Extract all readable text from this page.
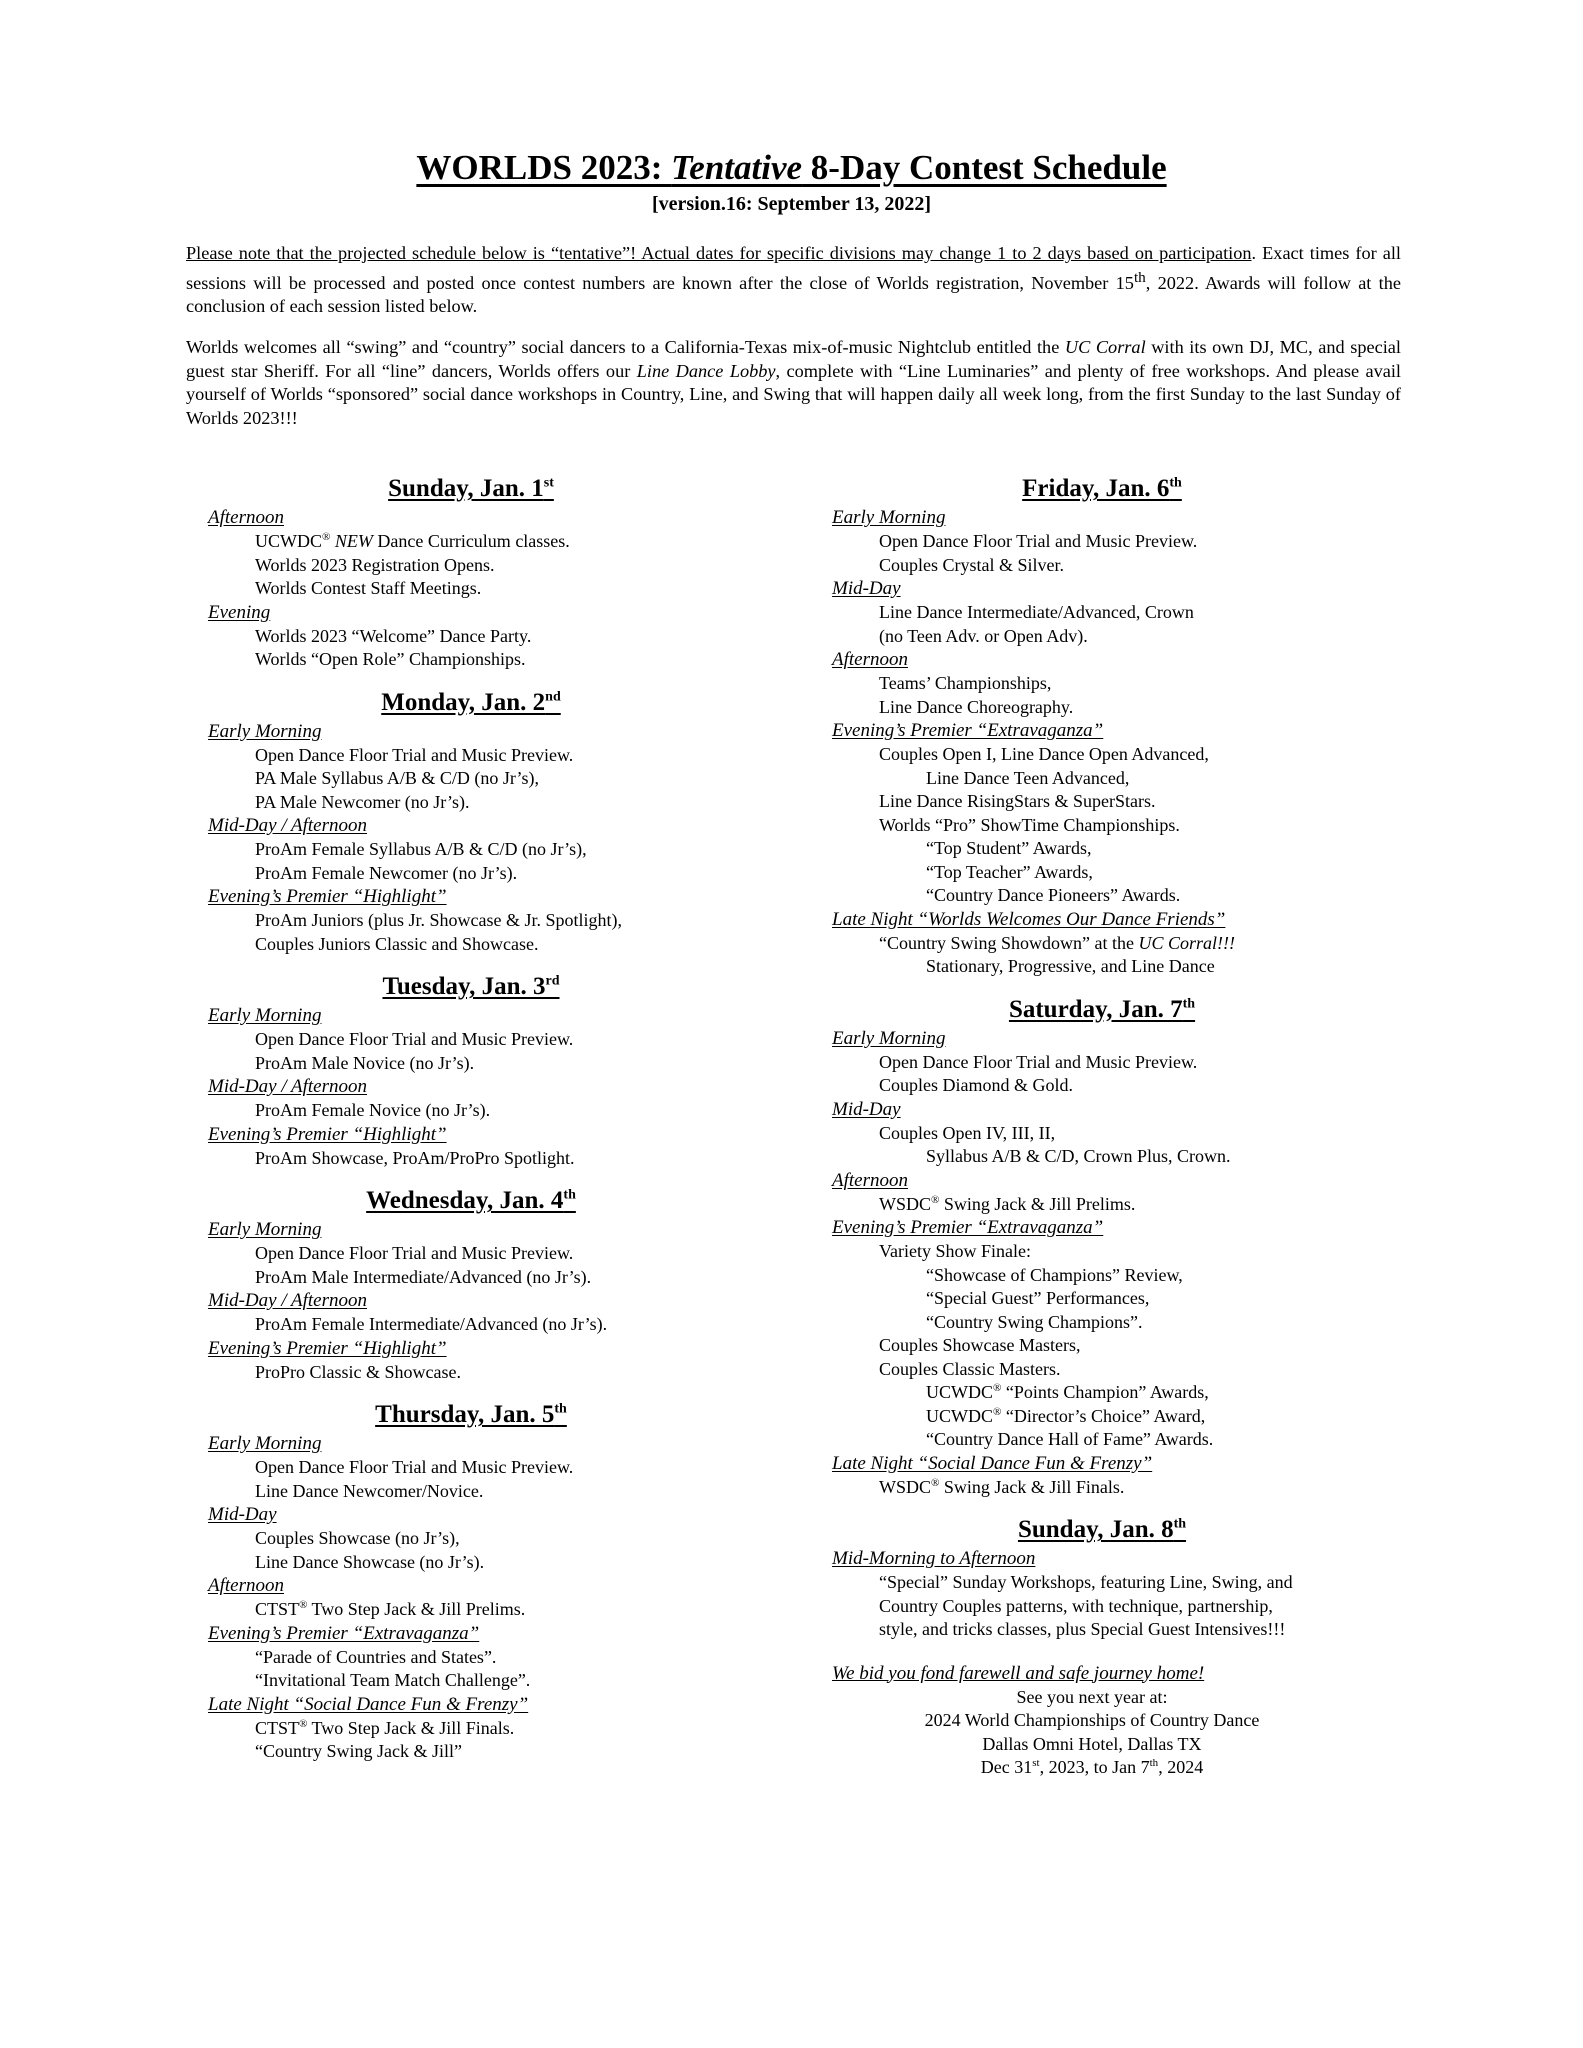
WORLDS 2023: Tentative 8-Day Contest Schedule
[version.16: September 13, 2022]

Please note that the projected schedule below is “tentative”! Actual dates for specific divisions may change 1 to 2 days based on participation. Exact times for all sessions will be processed and posted once contest numbers are known after the close of Worlds registration, November 15th, 2022. Awards will follow at the conclusion of each session listed below.

Worlds welcomes all “swing” and “country” social dancers to a California-Texas mix-of-music Nightclub entitled the UC Corral with its own DJ, MC, and special guest star Sheriff. For all “line” dancers, Worlds offers our Line Dance Lobby, complete with “Line Luminaries” and plenty of free workshops. And please avail yourself of Worlds “sponsored” social dance workshops in Country, Line, and Swing that will happen daily all week long, from the first Sunday to the last Sunday of Worlds 2023!!!

Sunday, Jan. 1st
Afternoon
UCWDC® NEW Dance Curriculum classes.
Worlds 2023 Registration Opens.
Worlds Contest Staff Meetings.
Evening
Worlds 2023 “Welcome” Dance Party.
Worlds “Open Role” Championships.
Monday, Jan. 2nd
Early Morning
Open Dance Floor Trial and Music Preview.
PA Male Syllabus A/B & C/D (no Jr’s),
PA Male Newcomer (no Jr’s).
Mid-Day / Afternoon
ProAm Female Syllabus A/B & C/D (no Jr’s),
ProAm Female Newcomer (no Jr’s).
Evening’s Premier “Highlight”
ProAm Juniors (plus Jr. Showcase & Jr. Spotlight),
Couples Juniors Classic and Showcase.
Tuesday, Jan. 3rd
Early Morning
Open Dance Floor Trial and Music Preview.
ProAm Male Novice (no Jr’s).
Mid-Day / Afternoon
ProAm Female Novice (no Jr’s).
Evening’s Premier “Highlight”
ProAm Showcase, ProAm/ProPro Spotlight.
Wednesday, Jan. 4th
Early Morning
Open Dance Floor Trial and Music Preview.
ProAm Male Intermediate/Advanced (no Jr’s).
Mid-Day / Afternoon
ProAm Female Intermediate/Advanced (no Jr’s).
Evening’s Premier “Highlight”
ProPro Classic & Showcase.
Thursday, Jan. 5th
Early Morning
Open Dance Floor Trial and Music Preview.
Line Dance Newcomer/Novice.
Mid-Day
Couples Showcase (no Jr’s),
Line Dance Showcase (no Jr’s).
Afternoon
CTST® Two Step Jack & Jill Prelims.
Evening’s Premier “Extravaganza”
“Parade of Countries and States”.
“Invitational Team Match Challenge”.
Late Night “Social Dance Fun & Frenzy”
CTST® Two Step Jack & Jill Finals.
“Country Swing Jack & Jill”
Friday, Jan. 6th
Early Morning
Open Dance Floor Trial and Music Preview.
Couples Crystal & Silver.
Mid-Day
Line Dance Intermediate/Advanced, Crown
(no Teen Adv. or Open Adv).
Afternoon
Teams’ Championships,
Line Dance Choreography.
Evening’s Premier “Extravaganza”
Couples Open I, Line Dance Open Advanced,
Line Dance Teen Advanced,
Line Dance RisingStars & SuperStars.
Worlds “Pro” ShowTime Championships.
“Top Student” Awards,
“Top Teacher” Awards,
“Country Dance Pioneers” Awards.
Late Night “Worlds Welcomes Our Dance Friends”
“Country Swing Showdown” at the UC Corral!!!
Stationary, Progressive, and Line Dance
Saturday, Jan. 7th
Early Morning
Open Dance Floor Trial and Music Preview.
Couples Diamond & Gold.
Mid-Day
Couples Open IV, III, II,
Syllabus A/B & C/D, Crown Plus, Crown.
Afternoon
WSDC® Swing Jack & Jill Prelims.
Evening’s Premier “Extravaganza”
Variety Show Finale:
“Showcase of Champions” Review,
“Special Guest” Performances,
“Country Swing Champions”.
Couples Showcase Masters,
Couples Classic Masters.
UCWDC® “Points Champion” Awards,
UCWDC® “Director’s Choice” Award,
“Country Dance Hall of Fame” Awards.
Late Night “Social Dance Fun & Frenzy”
WSDC® Swing Jack & Jill Finals.
Sunday, Jan. 8th
Mid-Morning to Afternoon
“Special” Sunday Workshops, featuring Line, Swing, and
Country Couples patterns, with technique, partnership,
style, and tricks classes, plus Special Guest Intensives!!!
We bid you fond farewell and safe journey home!
See you next year at:
2024 World Championships of Country Dance
Dallas Omni Hotel, Dallas TX
Dec 31st, 2023, to Jan 7th, 2024
